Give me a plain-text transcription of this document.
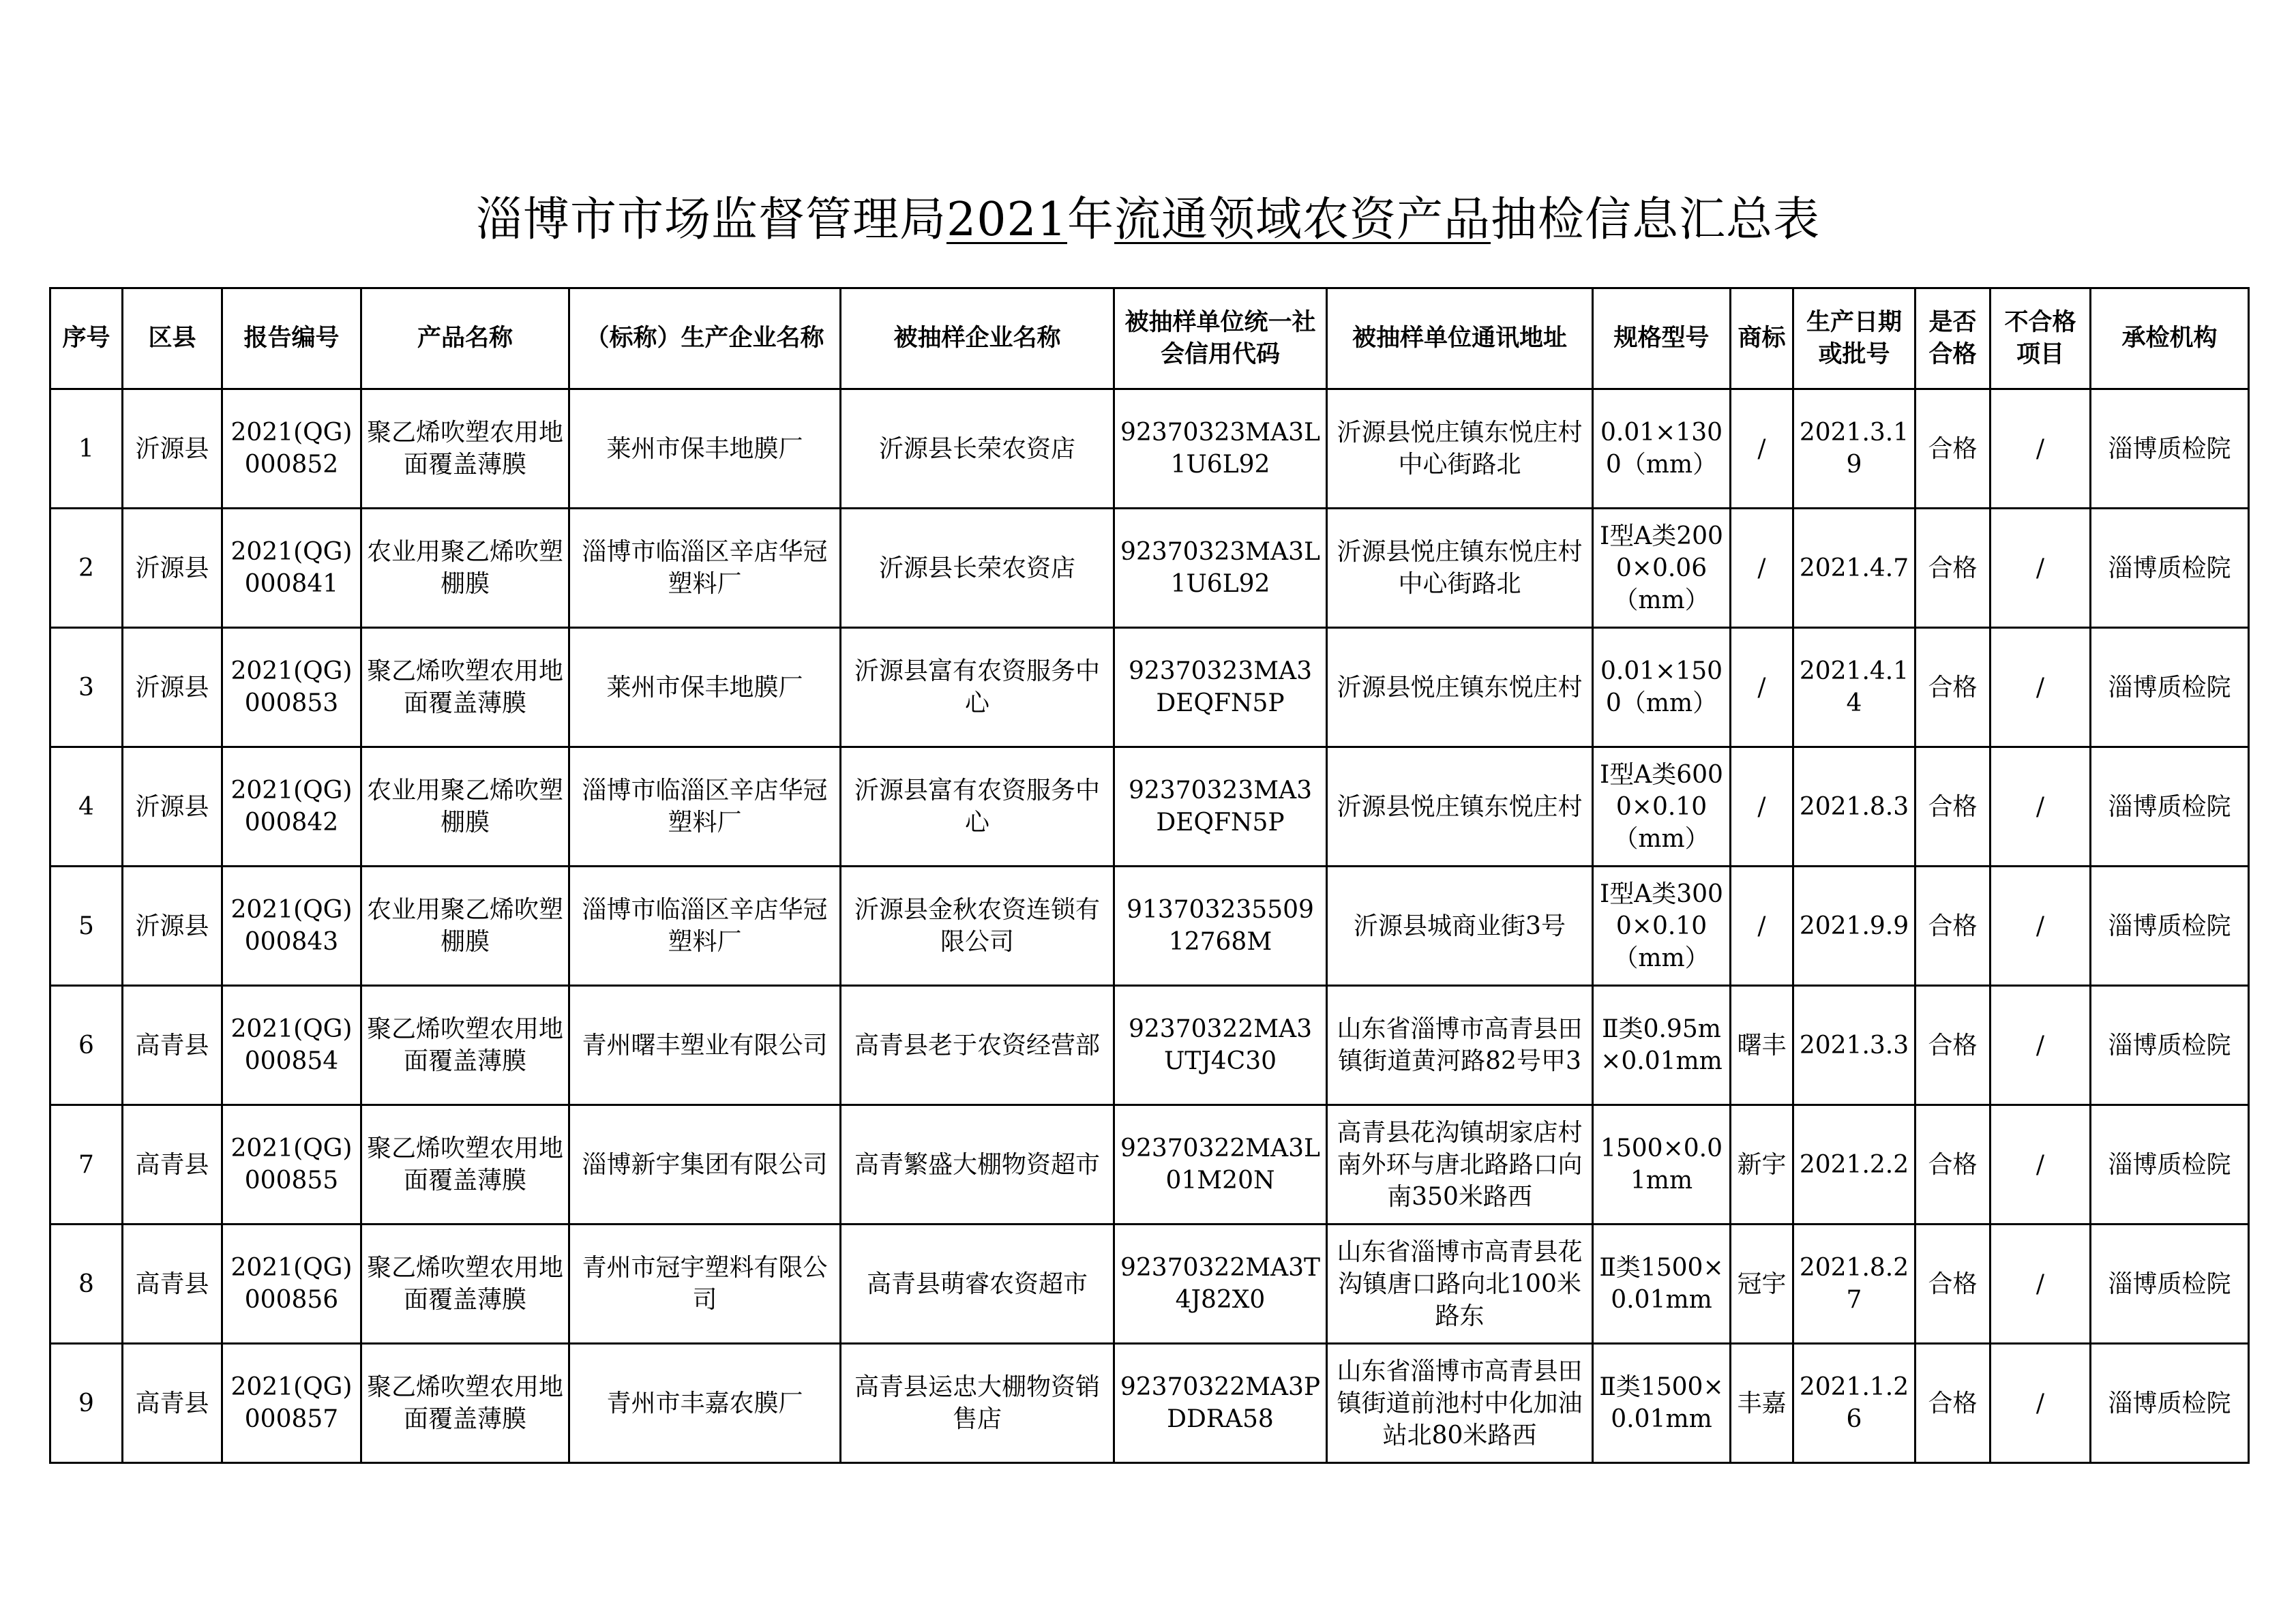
淄博市市场监督管理局2021年流通领域农资产品抽检信息汇总表
序号	区县	报告编号	产品名称	（标称）生产企业名称	被抽样企业名称	被抽样单位统一社会信用代码	被抽样单位通讯地址	规格型号	商标	生产日期或批号	是否合格	不合格项目	承检机构
1	沂源县	2021(QG)000852	聚乙烯吹塑农用地面覆盖薄膜	莱州市保丰地膜厂	沂源县长荣农资店	92370323MA3L1U6L92	沂源县悦庄镇东悦庄村中心街路北	0.01×1300（mm）	/	2021.3.19	合格	/	淄博质检院
2	沂源县	2021(QG)000841	农业用聚乙烯吹塑棚膜	淄博市临淄区辛店华冠塑料厂	沂源县长荣农资店	92370323MA3L1U6L92	沂源县悦庄镇东悦庄村中心街路北	Ⅰ型A类2000×0.06（mm）	/	2021.4.7	合格	/	淄博质检院
3	沂源县	2021(QG)000853	聚乙烯吹塑农用地面覆盖薄膜	莱州市保丰地膜厂	沂源县富有农资服务中心	92370323MA3DEQFN5P	沂源县悦庄镇东悦庄村	0.01×1500（mm）	/	2021.4.14	合格	/	淄博质检院
4	沂源县	2021(QG)000842	农业用聚乙烯吹塑棚膜	淄博市临淄区辛店华冠塑料厂	沂源县富有农资服务中心	92370323MA3DEQFN5P	沂源县悦庄镇东悦庄村	Ⅰ型A类6000×0.10（mm）	/	2021.8.3	合格	/	淄博质检院
5	沂源县	2021(QG)000843	农业用聚乙烯吹塑棚膜	淄博市临淄区辛店华冠塑料厂	沂源县金秋农资连锁有限公司	91370323550912768M	沂源县城商业街3号	Ⅰ型A类3000×0.10（mm）	/	2021.9.9	合格	/	淄博质检院
6	高青县	2021(QG)000854	聚乙烯吹塑农用地面覆盖薄膜	青州曙丰塑业有限公司	高青县老于农资经营部	92370322MA3UTJ4C30	山东省淄博市高青县田镇街道黄河路82号甲3	Ⅱ类0.95m×0.01mm	曙丰	2021.3.3	合格	/	淄博质检院
7	高青县	2021(QG)000855	聚乙烯吹塑农用地面覆盖薄膜	淄博新宇集团有限公司	高青繁盛大棚物资超市	92370322MA3L01M20N	高青县花沟镇胡家店村南外环与唐北路路口向南350米路西	1500×0.01mm	新宇	2021.2.2	合格	/	淄博质检院
8	高青县	2021(QG)000856	聚乙烯吹塑农用地面覆盖薄膜	青州市冠宇塑料有限公司	高青县萌睿农资超市	92370322MA3T4J82X0	山东省淄博市高青县花沟镇唐口路向北100米路东	Ⅱ类1500×0.01mm	冠宇	2021.8.27	合格	/	淄博质检院
9	高青县	2021(QG)000857	聚乙烯吹塑农用地面覆盖薄膜	青州市丰嘉农膜厂	高青县运忠大棚物资销售店	92370322MA3PDDRA58	山东省淄博市高青县田镇街道前池村中化加油站北80米路西	Ⅱ类1500×0.01mm	丰嘉	2021.1.26	合格	/	淄博质检院
